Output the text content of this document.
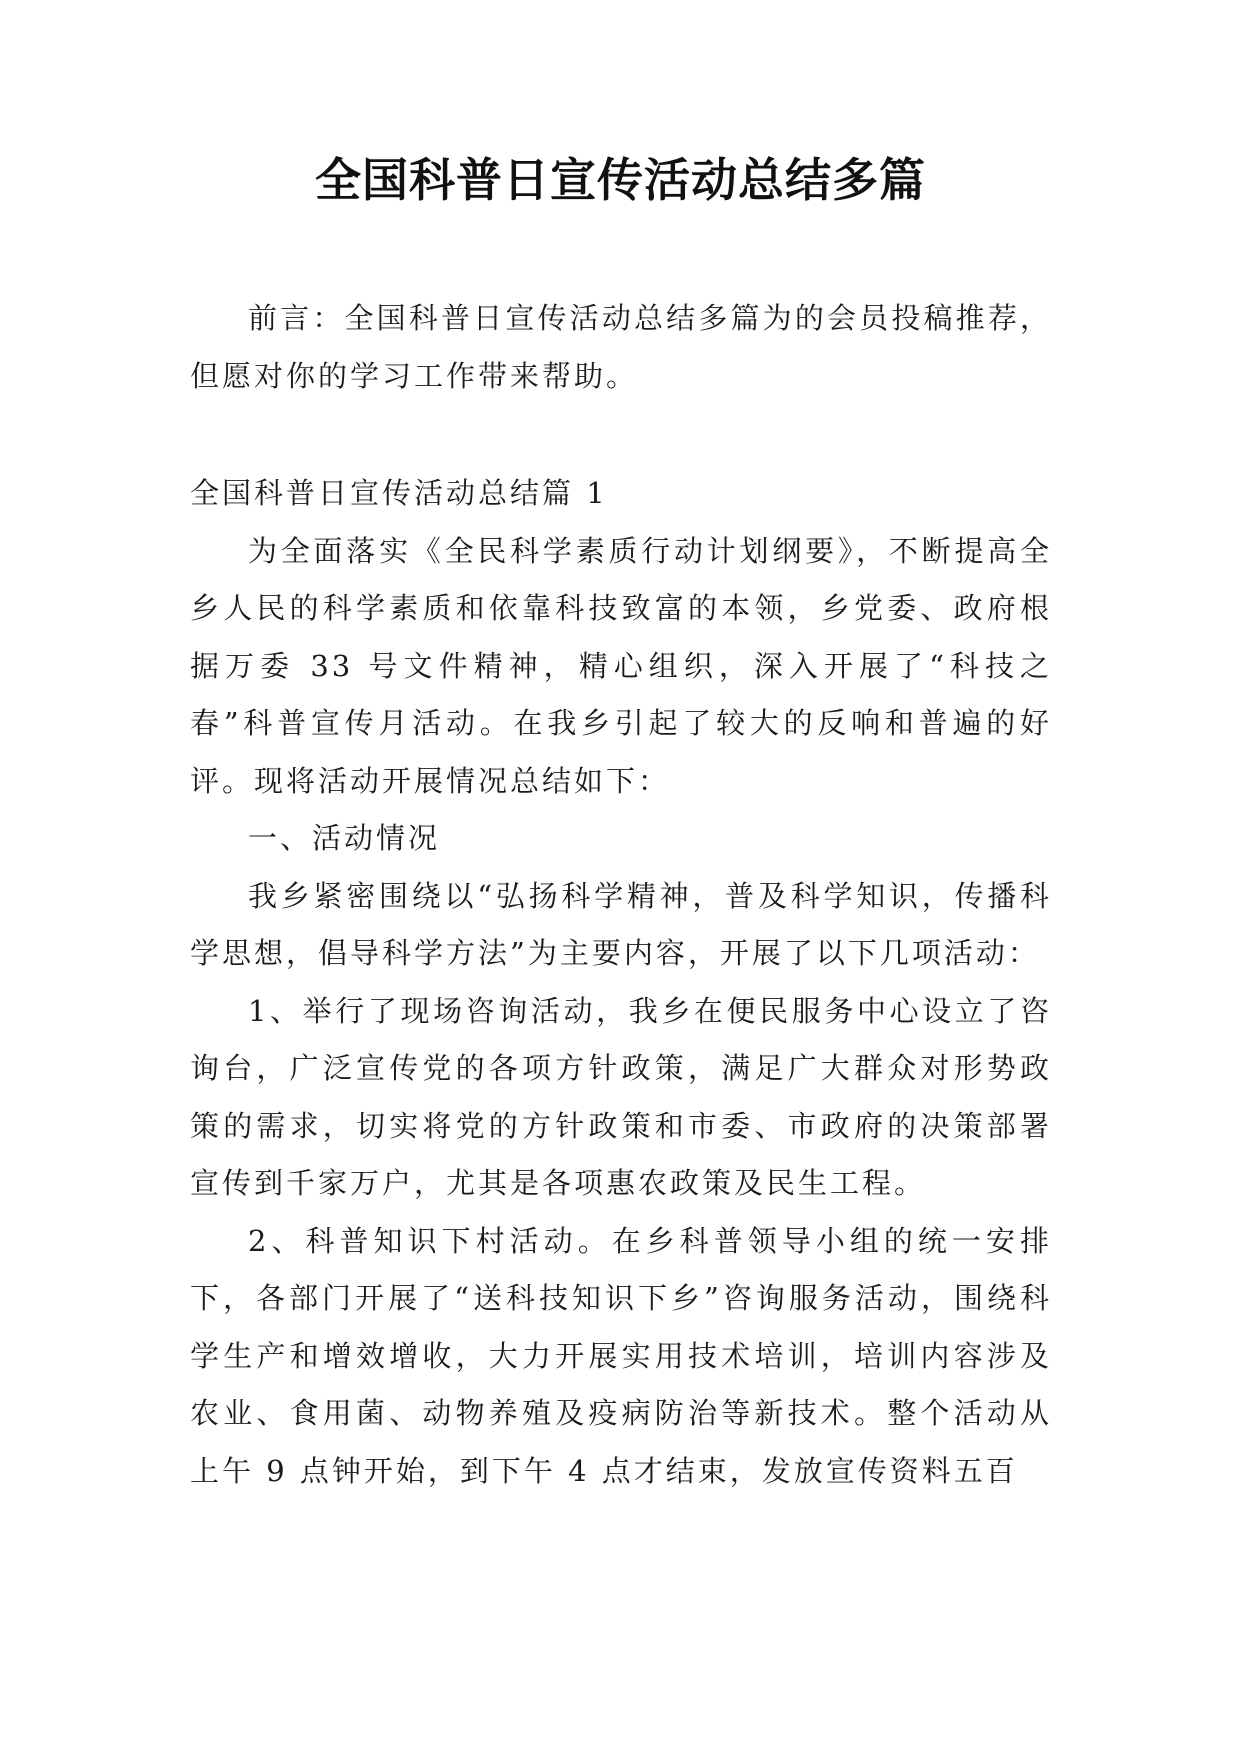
全国科普日宣传活动总结多篇

前言：全国科普日宣传活动总结多篇为的会员投稿推荐，但愿对你的学习工作带来帮助。

全国科普日宣传活动总结篇 1

为全面落实《全民科学素质行动计划纲要》，不断提高全乡人民的科学素质和依靠科技致富的本领，乡党委、政府根据万委 33 号文件精神，精心组织，深入开展了“科技之春”科普宣传月活动。在我乡引起了较大的反响和普遍的好评。现将活动开展情况总结如下：

一、活动情况

我乡紧密围绕以“弘扬科学精神，普及科学知识，传播科学思想，倡导科学方法”为主要内容，开展了以下几项活动：

1、举行了现场咨询活动，我乡在便民服务中心设立了咨询台，广泛宣传党的各项方针政策，满足广大群众对形势政策的需求，切实将党的方针政策和市委、市政府的决策部署宣传到千家万户，尤其是各项惠农政策及民生工程。

2、科普知识下村活动。在乡科普领导小组的统一安排下，各部门开展了“送科技知识下乡”咨询服务活动，围绕科学生产和增效增收，大力开展实用技术培训，培训内容涉及农业、食用菌、动物养殖及疫病防治等新技术。整个活动从上午 9 点钟开始，到下午 4 点才结束，发放宣传资料五百
